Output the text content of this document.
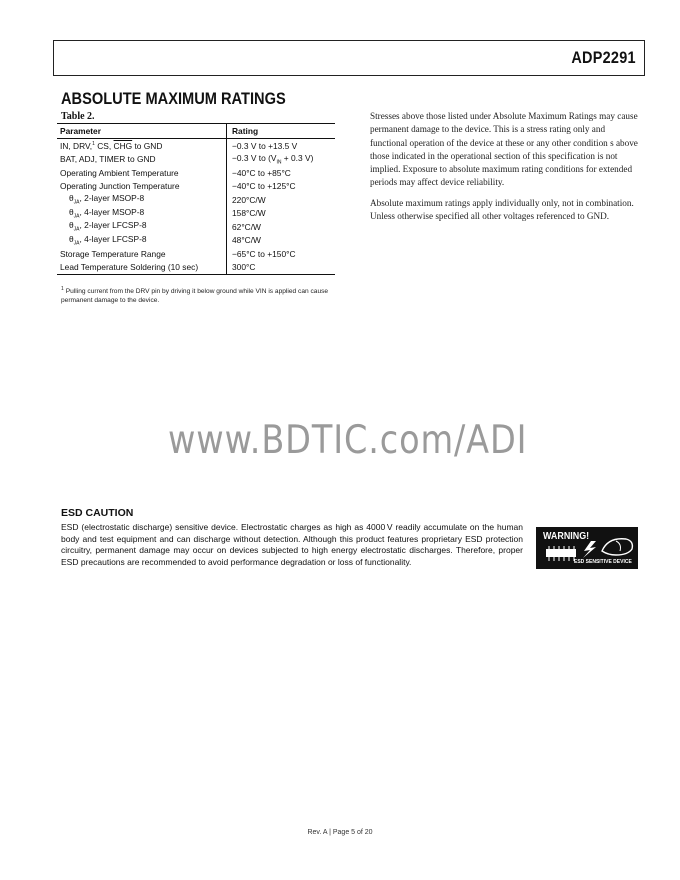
ADP2291
ABSOLUTE MAXIMUM RATINGS
Table 2.
Parameter	Rating
IN, DRV,$^1$ CS, $\overline{CHG}$ to GND	−0.3 V to +13.5 V
BAT, ADJ, TIMER to GND	−0.3 V to ($V_{IN} + 0.3$ V)
Operating Ambient Temperature	−40°C to +85°C
Operating Junction Temperature	−40°C to +125°C
$\theta_{JA}$, 2-layer MSOP-8	220°C/W
$\theta_{JA}$, 4-layer MSOP-8	158°C/W
$\theta_{JA}$, 2-layer LFCSP-8	62°C/W
$\theta_{JA}$, 4-layer LFCSP-8	48°C/W
Storage Temperature Range	−65°C to +150°C
Lead Temperature Soldering (10 sec)	300°C
$^1$ Pulling current from the DRV pin by driving it below ground while VIN is applied can cause permanent damage to the device.

Stresses above those listed under Absolute Maximum Ratings may cause permanent damage to the device. This is a stress rating only and functional operation of the device at these or any other condition s above those indicated in the operational section of this specification is not implied. Exposure to absolute maximum rating conditions for extended periods may affect device reliability.

Absolute maximum ratings apply individually only, not in combination. Unless otherwise specified all other voltages referenced to GND.

www.BDTIC.com/ADI
ESD CAUTION
ESD (electrostatic discharge) sensitive device. Electrostatic charges as high as 4000 V readily accumulate on the human body and test equipment and can discharge without detection. Although this product features proprietary ESD protection circuitry, permanent damage may occur on devices subjected to high energy electrostatic discharges. Therefore, proper ESD precautions are recommended to avoid performance degradation or loss of functionality.
WARNING!
ESD SENSITIVE DEVICE
Rev. A | Page 5 of 20
